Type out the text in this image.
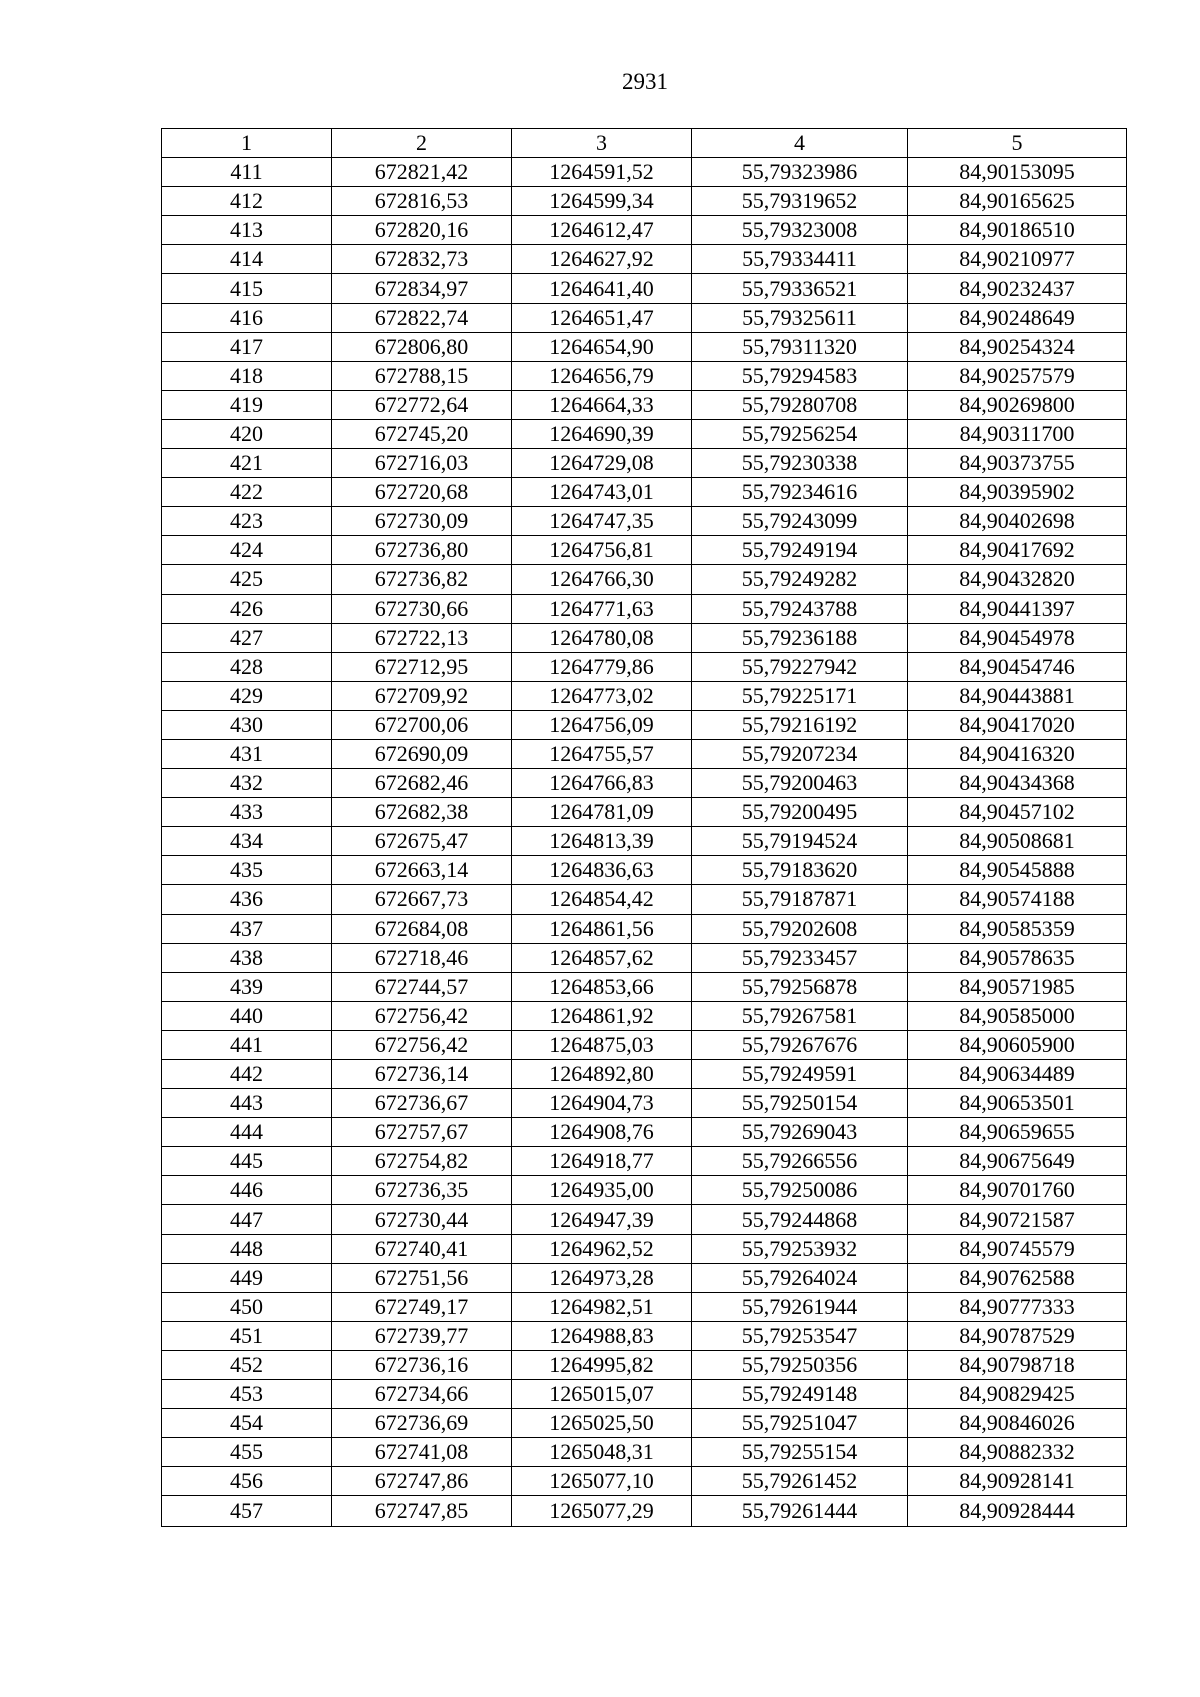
2931
1	2	3	4	5
411	672821,42	1264591,52	55,79323986	84,90153095
412	672816,53	1264599,34	55,79319652	84,90165625
413	672820,16	1264612,47	55,79323008	84,90186510
414	672832,73	1264627,92	55,79334411	84,90210977
415	672834,97	1264641,40	55,79336521	84,90232437
416	672822,74	1264651,47	55,79325611	84,90248649
417	672806,80	1264654,90	55,79311320	84,90254324
418	672788,15	1264656,79	55,79294583	84,90257579
419	672772,64	1264664,33	55,79280708	84,90269800
420	672745,20	1264690,39	55,79256254	84,90311700
421	672716,03	1264729,08	55,79230338	84,90373755
422	672720,68	1264743,01	55,79234616	84,90395902
423	672730,09	1264747,35	55,79243099	84,90402698
424	672736,80	1264756,81	55,79249194	84,90417692
425	672736,82	1264766,30	55,79249282	84,90432820
426	672730,66	1264771,63	55,79243788	84,90441397
427	672722,13	1264780,08	55,79236188	84,90454978
428	672712,95	1264779,86	55,79227942	84,90454746
429	672709,92	1264773,02	55,79225171	84,90443881
430	672700,06	1264756,09	55,79216192	84,90417020
431	672690,09	1264755,57	55,79207234	84,90416320
432	672682,46	1264766,83	55,79200463	84,90434368
433	672682,38	1264781,09	55,79200495	84,90457102
434	672675,47	1264813,39	55,79194524	84,90508681
435	672663,14	1264836,63	55,79183620	84,90545888
436	672667,73	1264854,42	55,79187871	84,90574188
437	672684,08	1264861,56	55,79202608	84,90585359
438	672718,46	1264857,62	55,79233457	84,90578635
439	672744,57	1264853,66	55,79256878	84,90571985
440	672756,42	1264861,92	55,79267581	84,90585000
441	672756,42	1264875,03	55,79267676	84,90605900
442	672736,14	1264892,80	55,79249591	84,90634489
443	672736,67	1264904,73	55,79250154	84,90653501
444	672757,67	1264908,76	55,79269043	84,90659655
445	672754,82	1264918,77	55,79266556	84,90675649
446	672736,35	1264935,00	55,79250086	84,90701760
447	672730,44	1264947,39	55,79244868	84,90721587
448	672740,41	1264962,52	55,79253932	84,90745579
449	672751,56	1264973,28	55,79264024	84,90762588
450	672749,17	1264982,51	55,79261944	84,90777333
451	672739,77	1264988,83	55,79253547	84,90787529
452	672736,16	1264995,82	55,79250356	84,90798718
453	672734,66	1265015,07	55,79249148	84,90829425
454	672736,69	1265025,50	55,79251047	84,90846026
455	672741,08	1265048,31	55,79255154	84,90882332
456	672747,86	1265077,10	55,79261452	84,90928141
457	672747,85	1265077,29	55,79261444	84,90928444
